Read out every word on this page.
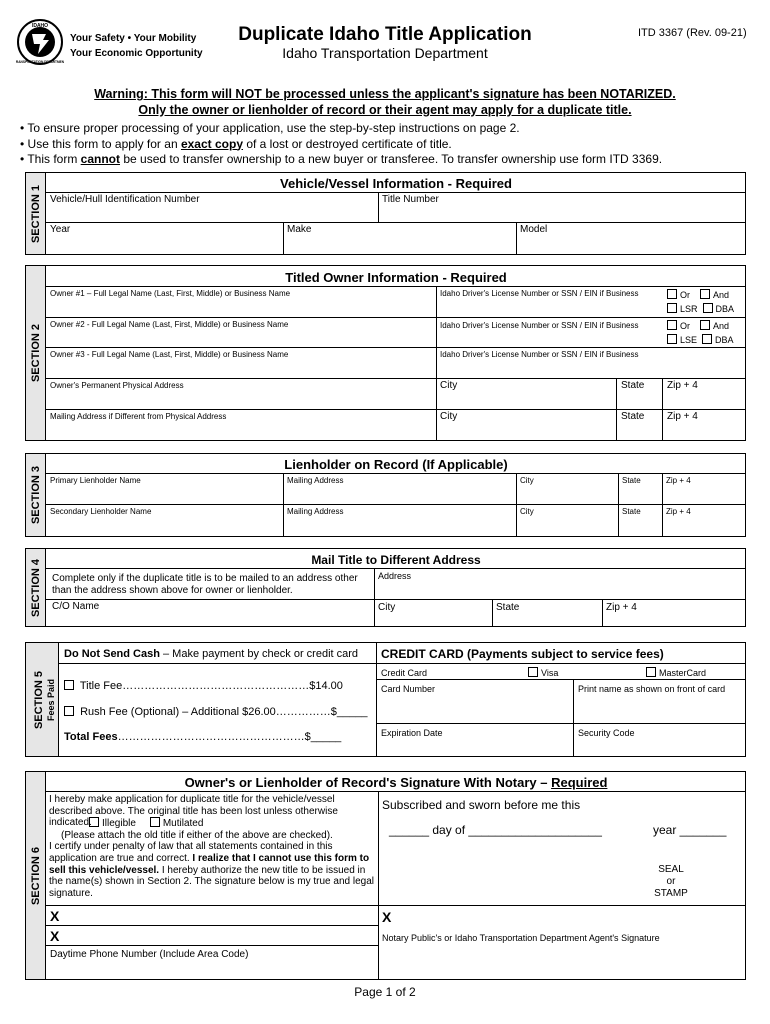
IDAHO
TRANSPORTATION DEPARTMENT
Your Safety • Your Mobility
Your Economic Opportunity
Duplicate Idaho Title Application
Idaho Transportation Department
ITD 3367 (Rev. 09-21)
Warning: This form will NOT be processed unless the applicant's signature has been NOTARIZED.
Only the owner or lienholder of record or their agent may apply for a duplicate title.
• To ensure proper processing of your application, use the step-by-step instructions on page 2.
• Use this form to apply for an exact copy of a lost or destroyed certificate of title.
• This form cannot be used to transfer ownership to a new buyer or transferee. To transfer ownership use form ITD 3369.
SECTION 1
Vehicle/Vessel Information - Required
Vehicle/Hull Identification Number	Title Number
Year	Make	Model
SECTION 2
Titled Owner Information - Required
Owner #1 – Full Legal Name (Last, First, Middle) or Business Name	Idaho Driver's License Number or SSN / EIN if Business	Or	And
LSR DBA
Owner #2 - Full Legal Name (Last, First, Middle) or Business Name	Idaho Driver's License Number or SSN / EIN if Business	Or	And
LSE DBA
Owner #3 - Full Legal Name (Last, First, Middle) or Business Name	Idaho Driver's License Number or SSN / EIN if Business
Owner's Permanent Physical Address	City	State Zip + 4
Mailing Address if Different from Physical Address	City	State Zip + 4
SECTION 3
Lienholder on Record (If Applicable)
Primary Lienholder Name	Mailing Address	City	State	Zip + 4
Secondary Lienholder Name	Mailing Address	City	State	Zip + 4
SECTION 4	Mail Title to Different Address
Complete only if the duplicate title is to be mailed to an address other than the address shown above for owner or lienholder.
Address
C/O Name	City	State	Zip + 4
SECTION 5 Fees Paid
Do Not Send Cash – Make payment by check or credit card
Title Fee……………………………………………$14.00
Rush Fee (Optional) – Additional $26.00……………$_____
Total Fees……………………………………………$_____
CREDIT CARD (Payments subject to service fees)
Credit Card	Visa	MasterCard
Card Number	Print name as shown on front of card
Expiration Date	Security Code
SECTION 6
Owner's or Lienholder of Record's Signature With Notary – Required
I hereby make application for duplicate title for the vehicle/vessel described above. The original title has been lost unless otherwise indicated.	Illegible	Mutilated
(Please attach the old title if either of the above are checked).
I certify under penalty of law that all statements contained in this application are true and correct. I realize that I cannot use this form to sell this vehicle/vessel. I hereby authorize the new title to be issued in the name(s) shown in Section 2. The signature below is my true and legal signature.
X
X
Daytime Phone Number (Include Area Code)
Subscribed and sworn before me this
______ day of ____________________	year _______
SEAL
or
STAMP
X
Notary Public's or Idaho Transportation Department Agent's Signature
Page 1 of 2
